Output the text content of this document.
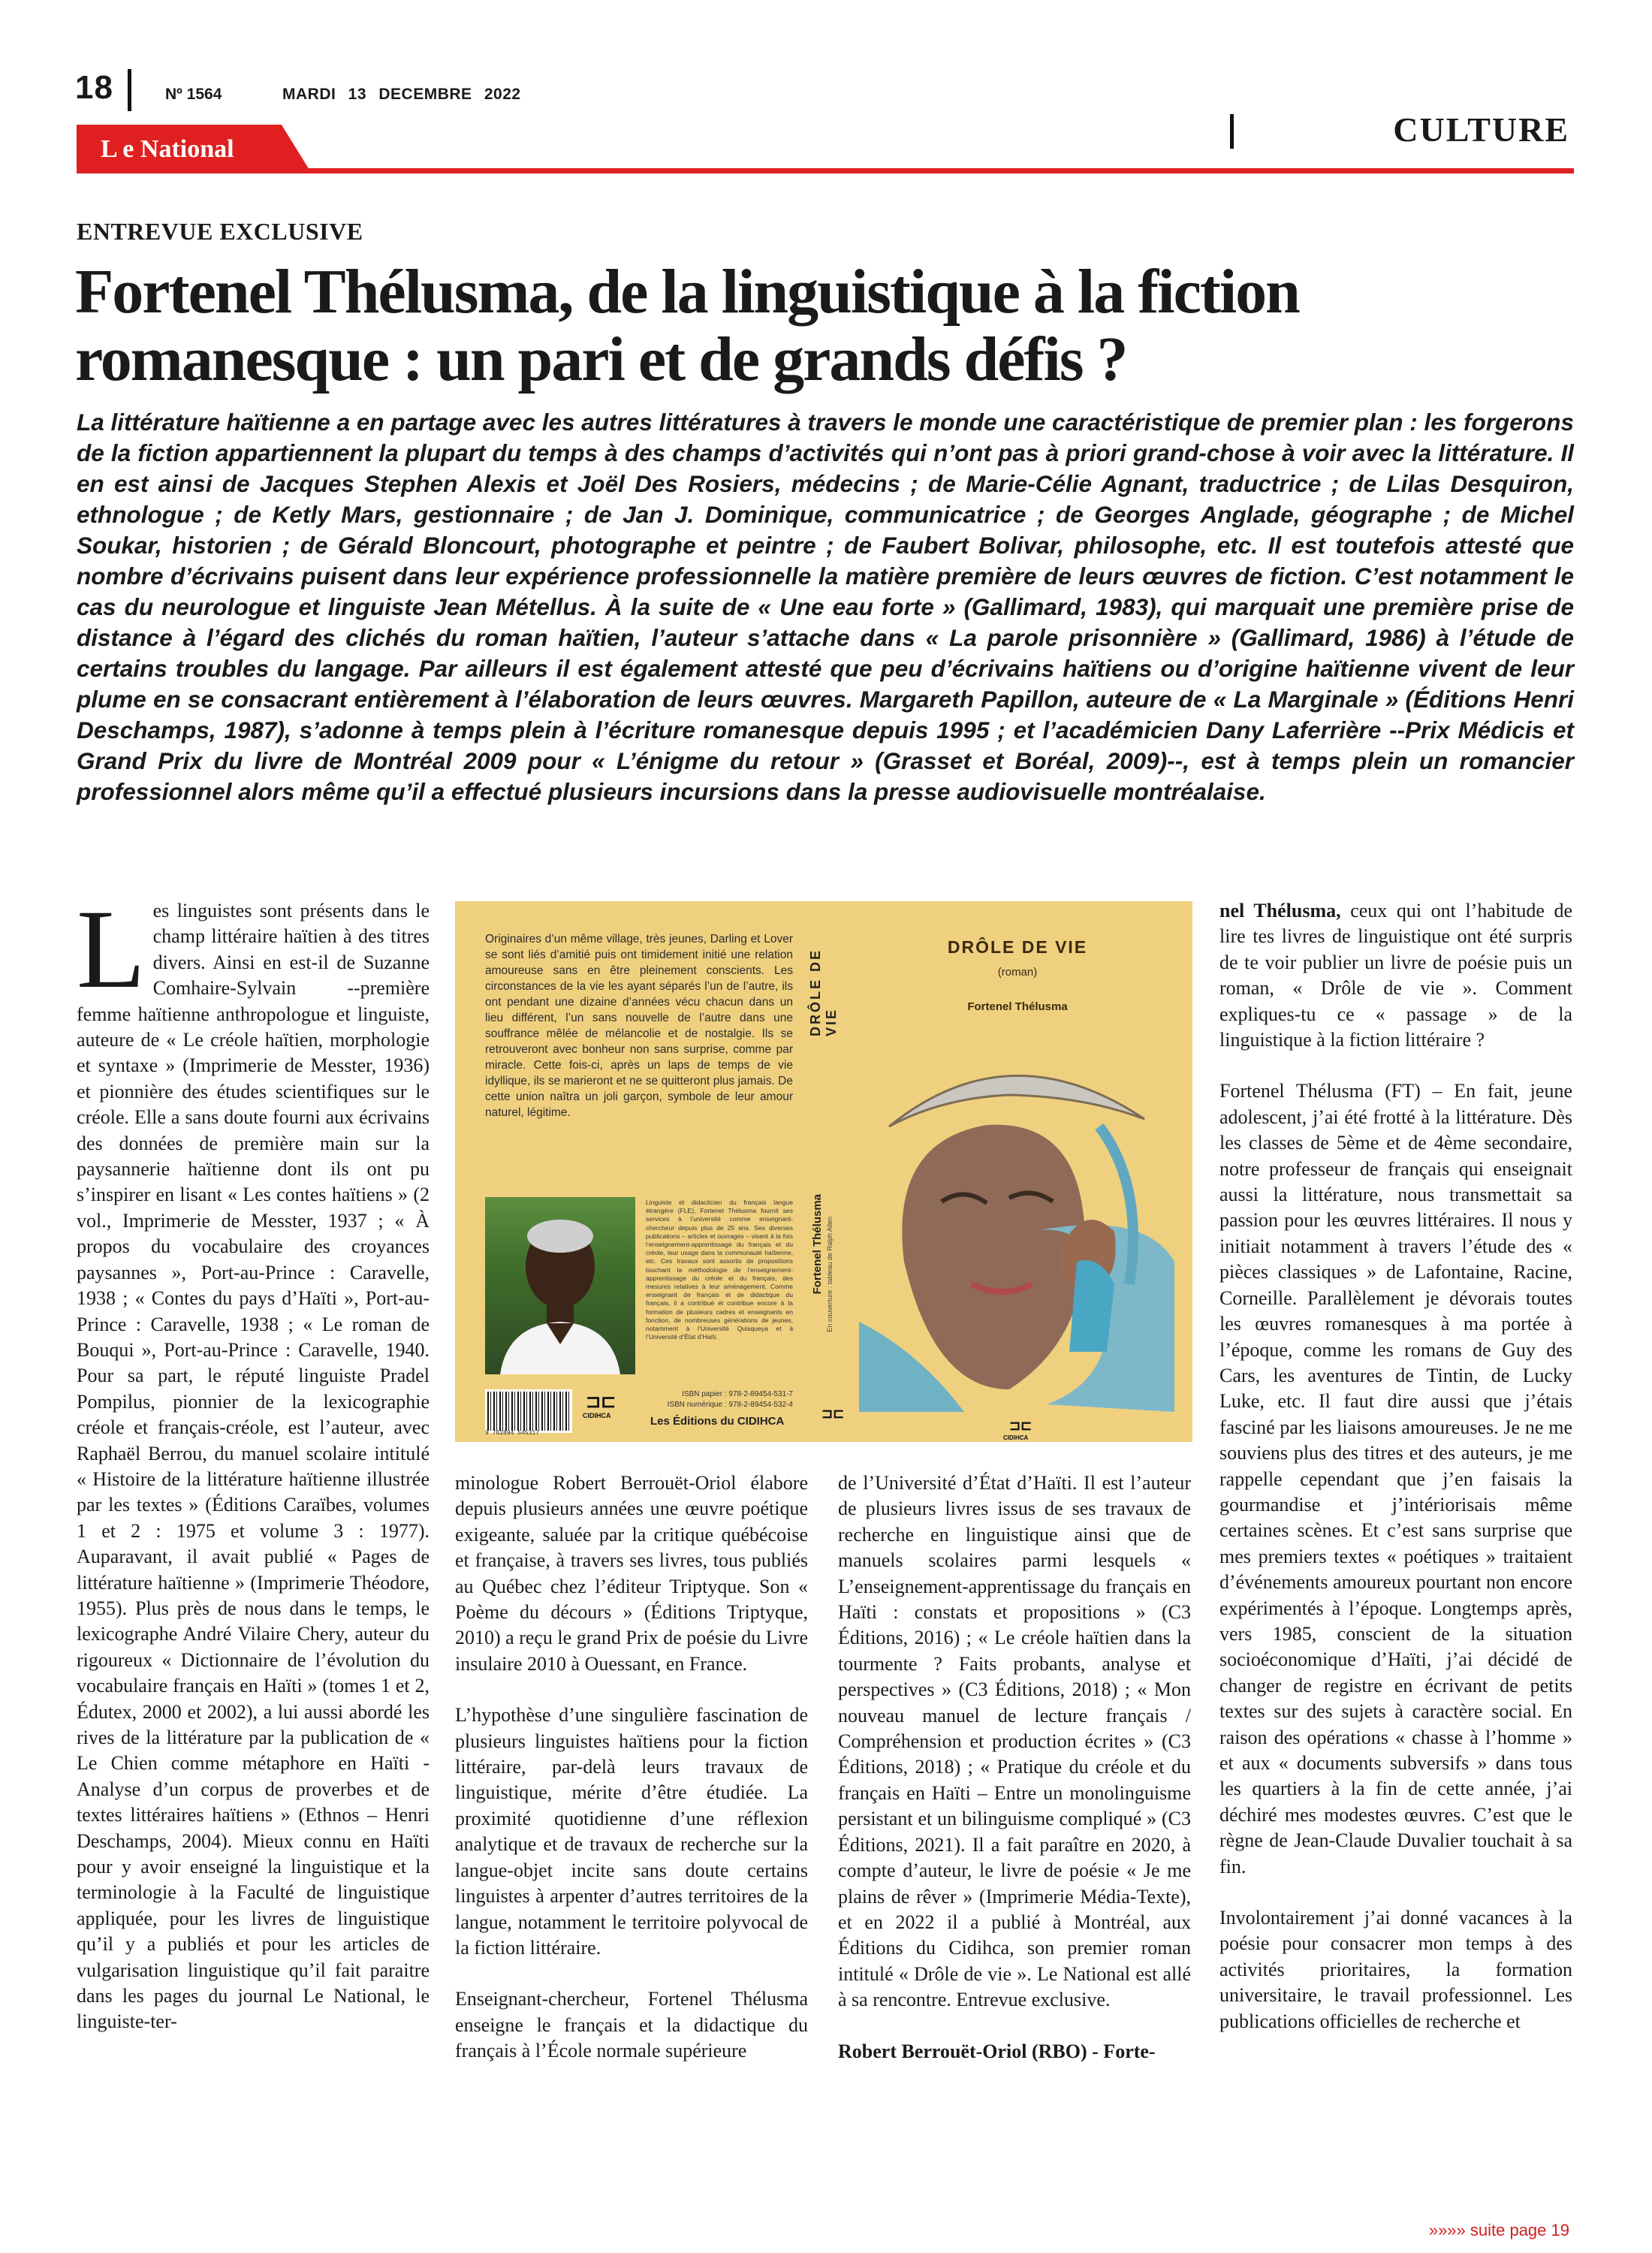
18	Nº 1564	MARDI 13 DECEMBRE 2022
CULTURE
L e National
ENTREVUE EXCLUSIVE
Fortenel Thélusma, de la linguistique à la fiction
romanesque : un pari et de grands défis ?
La littérature haïtienne a en partage avec les autres littératures à travers le monde une caractéristique de premier plan : les forgerons de la fiction appartiennent la plupart du temps à des champs d’activités qui n’ont pas à priori grand-chose à voir avec la littérature. Il en est ainsi de Jacques Stephen Alexis et Joël Des Rosiers, médecins ; de Marie-Célie Agnant, traductrice ; de Lilas Desquiron, ethnologue ; de Ketly Mars, gestionnaire ; de Jan J. Dominique, communicatrice ; de Georges Anglade, géographe ; de Michel Soukar, historien ; de Gérald Bloncourt, photographe et peintre ; de Faubert Bolivar, philosophe, etc. Il est toutefois attesté que nombre d’écrivains puisent dans leur expérience professionnelle la matière première de leurs œuvres de fiction. C’est notamment le cas du neurologue et linguiste Jean Métellus. À la suite de « Une eau forte » (Gallimard, 1983), qui marquait une première prise de distance à l’égard des clichés du roman haïtien, l’auteur s’attache dans « La parole prisonnière » (Gallimard, 1986) à l’étude de certains troubles du langage. Par ailleurs il est également attesté que peu d’écrivains haïtiens ou d’origine haïtienne vivent de leur plume en se consacrant entièrement à l’élaboration de leurs œuvres. Margareth Papillon, auteure de « La Marginale » (Éditions Henri Deschamps, 1987), s’adonne à temps plein à l’écriture romanesque depuis 1995 ; et l’académicien Dany Laferrière --Prix Médicis et Grand Prix du livre de Montréal 2009 pour « L’énigme du retour » (Grasset et Boréal, 2009)--, est à temps plein un romancier professionnel alors même qu’il a effectué plusieurs incursions dans la presse audiovisuelle montréalaise.

Les linguistes sont présents dans le champ littéraire haïtien à des titres divers. Ainsi en est-il de Suzanne Comhaire-Sylvain --première femme haïtienne anthropologue et linguiste, auteure de « Le créole haïtien, morphologie et syntaxe » (Imprimerie de Messter, 1936) et pionnière des études scientifiques sur le créole. Elle a sans doute fourni aux écrivains des données de première main sur la paysannerie haïtienne dont ils ont pu s’inspirer en lisant « Les contes haïtiens » (2 vol., Imprimerie de Messter, 1937 ; « À propos du vocabulaire des croyances paysannes », Port-au-Prince : Caravelle, 1938 ; « Contes du pays d’Haïti », Port-au-Prince : Caravelle, 1938 ; « Le roman de Bouqui », Port-au-Prince : Caravelle, 1940. Pour sa part, le réputé linguiste Pradel Pompilus, pionnier de la lexicographie créole et français-créole, est l’auteur, avec Raphaël Berrou, du manuel scolaire intitulé « Histoire de la littérature haïtienne illustrée par les textes » (Éditions Caraïbes, volumes 1 et 2 : 1975 et volume 3 : 1977). Auparavant, il avait publié « Pages de littérature haïtienne » (Imprimerie Théodore, 1955). Plus près de nous dans le temps, le lexicographe André Vilaire Chery, auteur du rigoureux « Dictionnaire de l’évolution du vocabulaire français en Haïti » (tomes 1 et 2, Édutex, 2000 et 2002), a lui aussi abordé les rives de la littérature par la publication de « Le Chien comme métaphore en Haïti - Analyse d’un corpus de proverbes et de textes littéraires haïtiens » (Ethnos – Henri Deschamps, 2004). Mieux connu en Haïti pour y avoir enseigné la linguistique et la terminologie à la Faculté de linguistique appliquée, pour les livres de linguistique qu’il y a publiés et pour les articles de vulgarisation linguistique qu’il fait paraitre dans les pages du journal Le National, le linguiste-ter-

Originaires d’un même village, très jeunes, Darling et Lover se sont liés d’amitié puis ont timidement initié une relation amoureuse sans en être pleinement conscients. Les circonstances de la vie les ayant séparés l’un de l’autre, ils ont pendant une dizaine d’années vécu chacun dans un lieu différent, l’un sans nouvelle de l’autre dans une souffrance mêlée de mélancolie et de nostalgie. Ils se retrouveront avec bonheur non sans surprise, comme par miracle. Cette fois-ci, après un laps de temps de vie idyllique, ils se marieront et ne se quitteront plus jamais. De cette union naîtra un joli garçon, symbole de leur amour naturel, légitime.
DRÔLE DE VIE
Fortenel Thélusma En couverture : tableau de Ralph Allen
Linguiste et didacticien du français langue étrangère (FLE), Fortenel Thélusma fournit ses services à l’université comme enseignant-chercheur depuis plus de 25 ans. Ses diverses publications – articles et ouvrages – visent à la fois l’enseignement-apprentissage du français et du créole, leur usage dans la communauté haïtienne, etc. Ces travaux sont assortis de propositions touchant la méthodologie de l’enseignement-apprentissage du créole et du français, des mesures relatives à leur aménagement. Comme enseignant de français et de didactique du français, il a contribué et contribue encore à la formation de plusieurs cadres et enseignants en fonction, de nombreuses générations de jeunes, notamment à l’Université Quisqueya et à l’Université d’État d’Haïti.
9 782894 545317
ISBN papier : 978-2-89454-531-7
ISBN numérique : 978-2-89454-532-4
⊐⊏
CIDIHCA	Les Éditions du CIDIHCA
⊐⊏
DRÔLE DE VIE
(roman)
Fortenel Thélusma
⊐⊏
CIDIHCA

minologue Robert Berrouët-Oriol élabore depuis plusieurs années une œuvre poétique exigeante, saluée par la critique québécoise et française, à travers ses livres, tous publiés au Québec chez l’éditeur Triptyque. Son « Poème du décours » (Éditions Triptyque, 2010) a reçu le grand Prix de poésie du Livre insulaire 2010 à Ouessant, en France.

L’hypothèse d’une singulière fascination de plusieurs linguistes haïtiens pour la fiction littéraire, par-delà leurs travaux de linguistique, mérite d’être étudiée. La proximité quotidienne d’une réflexion analytique et de travaux de recherche sur la langue-objet incite sans doute certains linguistes à arpenter d’autres territoires de la langue, notamment le territoire polyvocal de la fiction littéraire.

Enseignant-chercheur, Fortenel Thélusma enseigne le français et la didactique du français à l’École normale supérieure

de l’Université d’État d’Haïti. Il est l’auteur de plusieurs livres issus de ses travaux de recherche en linguistique ainsi que de manuels scolaires parmi lesquels « L’enseignement-apprentissage du français en Haïti : constats et propositions » (C3 Éditions, 2016) ; « Le créole haïtien dans la tourmente ? Faits probants, analyse et perspectives » (C3 Éditions, 2018) ; « Mon nouveau manuel de lecture français / Compréhension et production écrites » (C3 Éditions, 2018) ; « Pratique du créole et du français en Haïti – Entre un monolinguisme persistant et un bilinguisme compliqué » (C3 Éditions, 2021). Il a fait paraître en 2020, à compte d’auteur, le livre de poésie « Je me plains de rêver » (Imprimerie Média-Texte), et en 2022 il a publié à Montréal, aux Éditions du Cidihca, son premier roman intitulé « Drôle de vie ». Le National est allé à sa rencontre. Entrevue exclusive.

Robert Berrouët-Oriol (RBO) - Forte-

nel Thélusma, ceux qui ont l’habitude de lire tes livres de linguistique ont été surpris de te voir publier un livre de poésie puis un roman, « Drôle de vie ». Comment expliques-tu ce « passage » de la linguistique à la fiction littéraire ?

Fortenel Thélusma (FT) – En fait, jeune adolescent, j’ai été frotté à la littérature. Dès les classes de 5ème et de 4ème secondaire, notre professeur de français qui enseignait aussi la littérature, nous transmettait sa passion pour les œuvres littéraires. Il nous y initiait notamment à travers l’étude des « pièces classiques » de Lafontaine, Racine, Corneille. Parallèlement je dévorais toutes les œuvres romanesques à ma portée à l’époque, comme les romans de Guy des Cars, les aventures de Tintin, de Lucky Luke, etc. Il faut dire aussi que j’étais fasciné par les liaisons amoureuses. Je ne me souviens plus des titres et des auteurs, je me rappelle cependant que j’en faisais la gourmandise et j’intériorisais même certaines scènes. Et c’est sans surprise que mes premiers textes « poétiques » traitaient d’événements amoureux pourtant non encore expérimentés à l’époque. Longtemps après, vers 1985, conscient de la situation socioéconomique d’Haïti, j’ai décidé de changer de registre en écrivant de petits textes sur des sujets à caractère social. En raison des opérations « chasse à l’homme » et aux « documents subversifs » dans tous les quartiers à la fin de cette année, j’ai déchiré mes modestes œuvres. C’est que le règne de Jean-Claude Duvalier touchait à sa fin.

Involontairement j’ai donné vacances à la poésie pour consacrer mon temps à des activités prioritaires, la formation universitaire, le travail professionnel. Les publications officielles de recherche et

»»»» suite page 19
